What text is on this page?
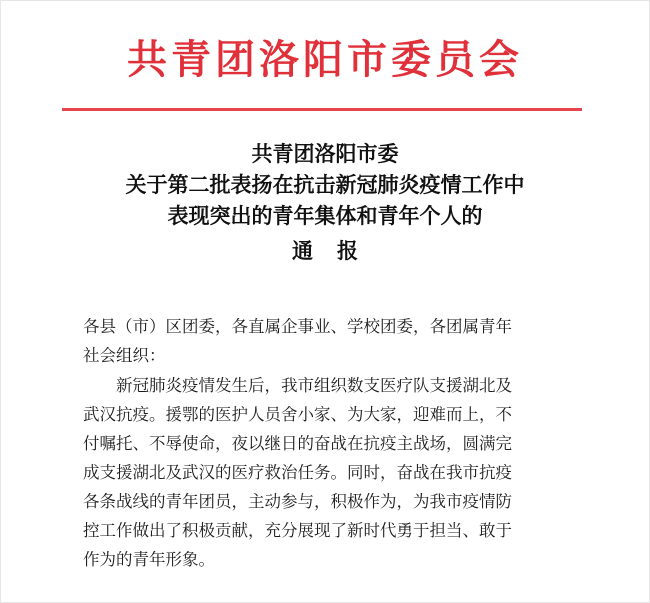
共青团洛阳市委员会
共青团洛阳市委
关于第二批表扬在抗击新冠肺炎疫情工作中
表现突出的青年集体和青年个人的
通报
各县（市）区团委，各直属企事业、学校团委，各团属青年
社会组织：
新冠肺炎疫情发生后，我市组织数支医疗队支援湖北及
武汉抗疫。援鄂的医护人员舍小家、为大家，迎难而上，不
付嘱托、不辱使命，夜以继日的奋战在抗疫主战场，圆满完
成支援湖北及武汉的医疗救治任务。同时，奋战在我市抗疫
各条战线的青年团员，主动参与，积极作为，为我市疫情防
控工作做出了积极贡献，充分展现了新时代勇于担当、敢于
作为的青年形象。
